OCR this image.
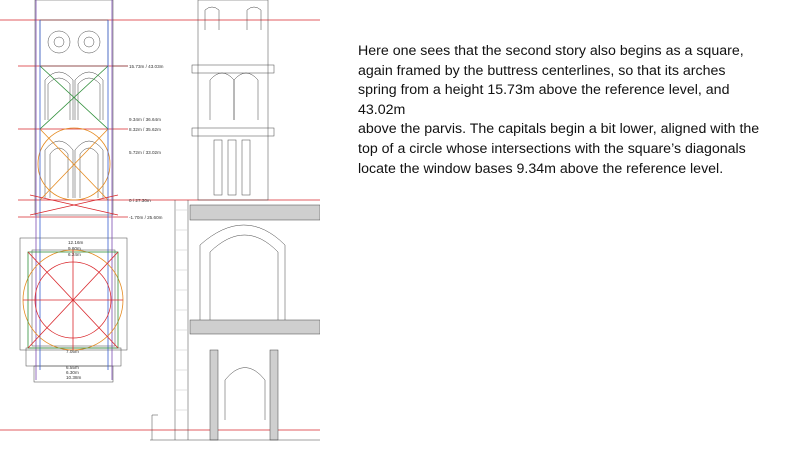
15.73m / 43.03m
9.34m / 36.64m
8.32m / 35.62m
5.72m / 33.02m
0 / 27.30m
-1.70m / 25.60m
12.16m
9.60m
6.24m
7.05m
6.55m
6.30m
10.38m
Here one sees that the second story also begins as a square,
again framed by the buttress centerlines, so that its arches
spring from a height 15.73m above the reference level, and 43.02m
above the parvis. The capitals begin a bit lower, aligned with the
top of a circle whose intersections with the square’s diagonals
locate the window bases 9.34m above the reference level.
